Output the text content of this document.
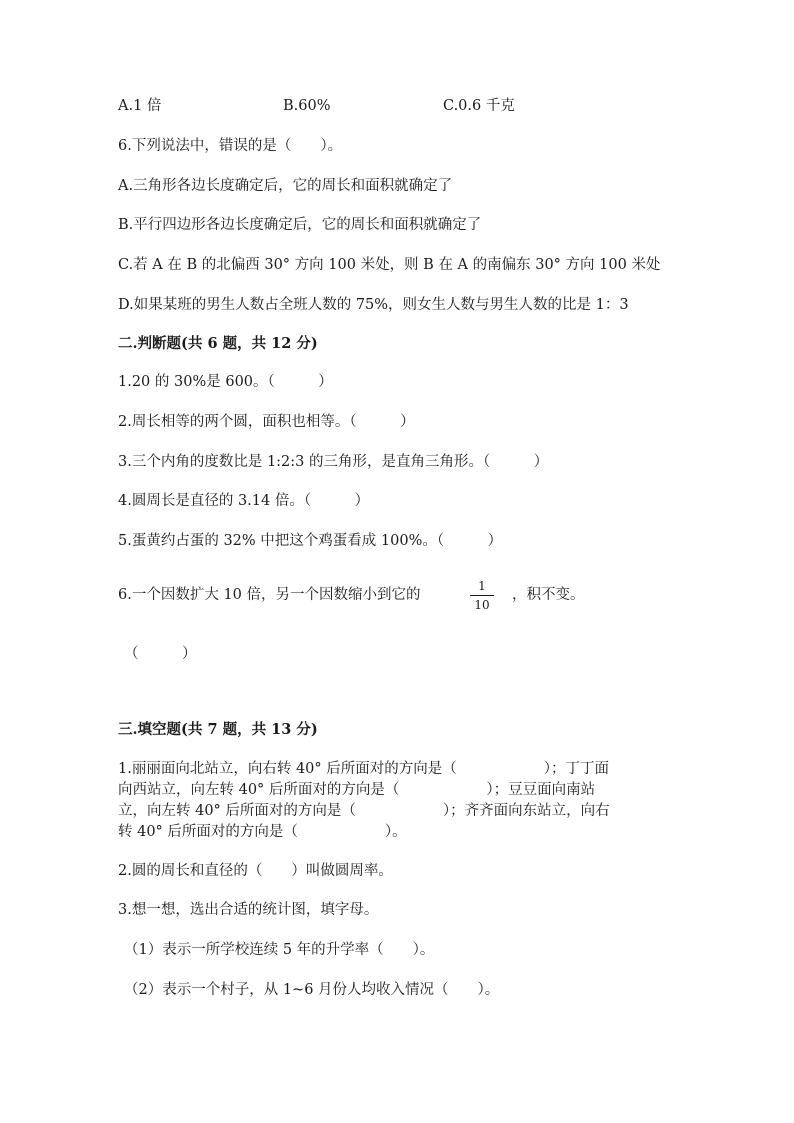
A.1 倍	B.60%	C.0.6 千克
6.下列说法中，错误的是（　　）。
A.三角形各边长度确定后，它的周长和面积就确定了
B.平行四边形各边长度确定后，它的周长和面积就确定了
C.若 A 在 B 的北偏西 30° 方向 100 米处，则 B 在 A 的南偏东 30° 方向 100 米处
D.如果某班的男生人数占全班人数的 75%，则女生人数与男生人数的比是 1：3
二.判断题(共 6 题，共 12 分)
1.20 的 30%是 600。（　　　）
2.周长相等的两个圆，面积也相等。（　　　）
3.三个内角的度数比是 1:2:3 的三角形，是直角三角形。（　　　）
4.圆周长是直径的 3.14 倍。（　　　）
5.蛋黄约占蛋的 32% 中把这个鸡蛋看成 100%。（　　　）
6.一个因数扩大 10 倍，另一个因数缩小到它的
1
10
，积不变。
（　　　）
三.填空题(共 7 题，共 13 分)
1.丽丽面向北站立，向右转 40° 后所面对的方向是（　　　　　　）；丁丁面
向西站立，向左转 40° 后所面对的方向是（　　　　　　）；豆豆面向南站
立，向左转 40° 后所面对的方向是（　　　　　　）；齐齐面向东站立，向右
转 40° 后所面对的方向是（　　　　　　）。
2.圆的周长和直径的（　　）叫做圆周率。
3.想一想，选出合适的统计图，填字母。
（1）表示一所学校连续 5 年的升学率（　　）。
（2）表示一个村子，从 1~6 月份人均收入情况（　　）。
